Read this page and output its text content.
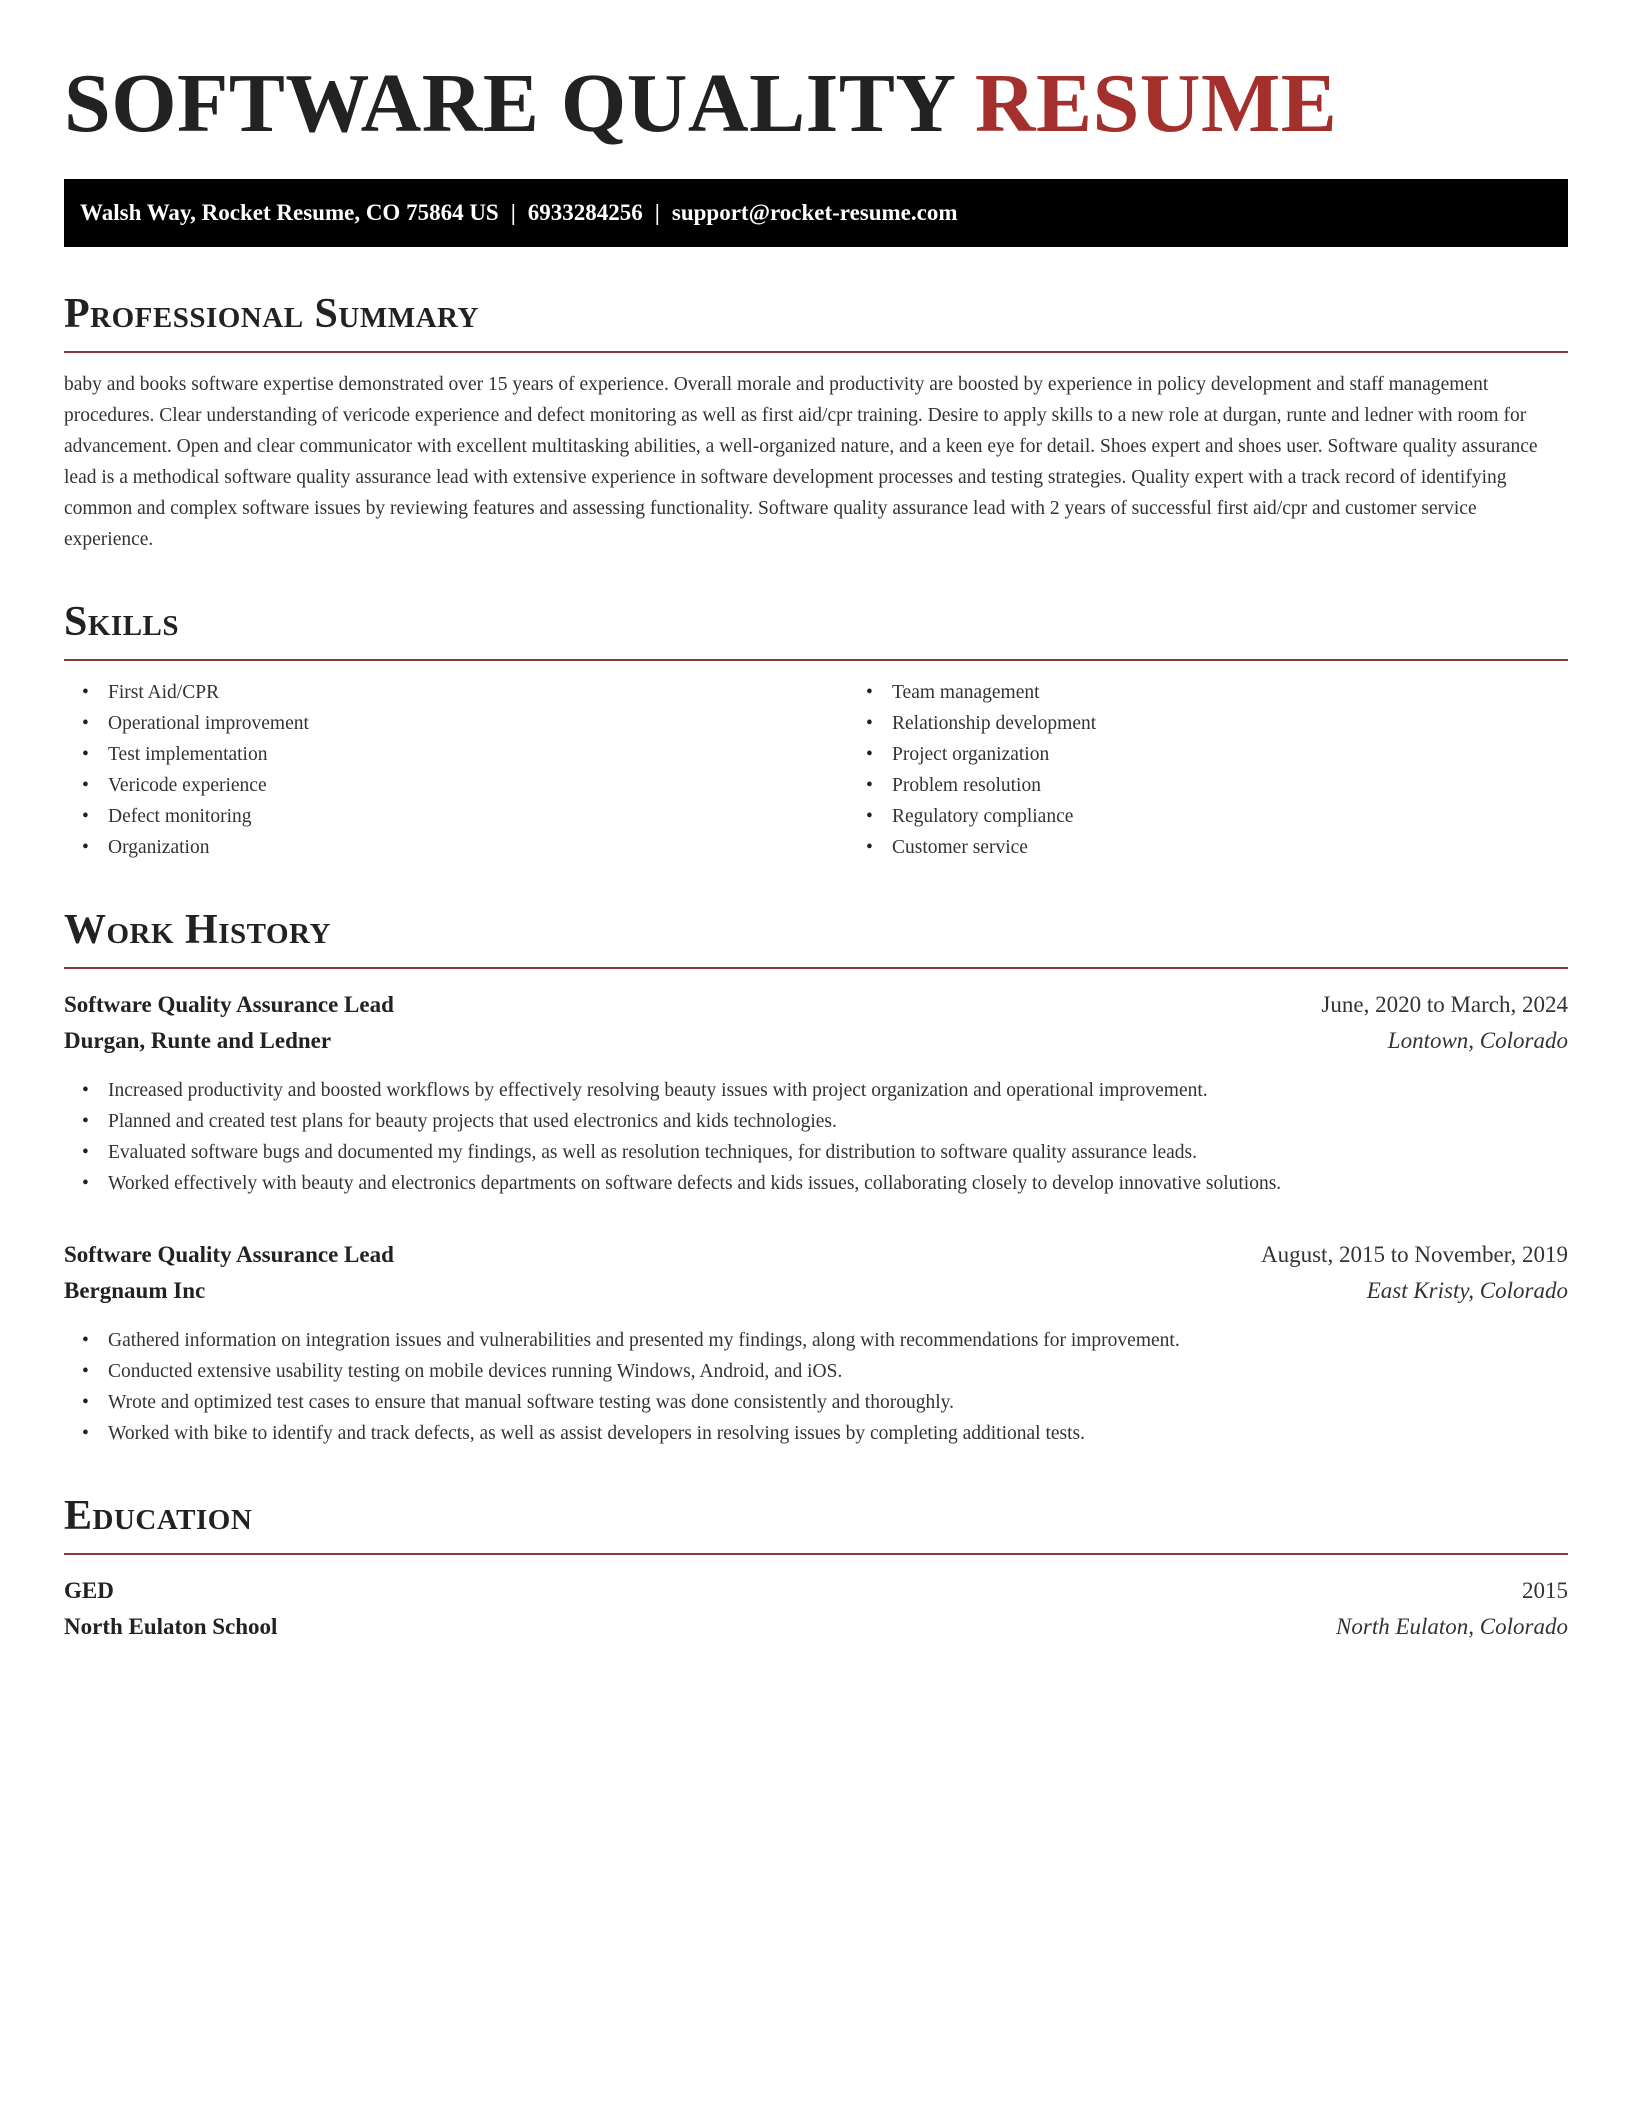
SOFTWARE QUALITY RESUME
Walsh Way, Rocket Resume, CO 75864 US | 6933284256 | support@rocket-resume.com
Professional Summary

baby and books software expertise demonstrated over 15 years of experience. Overall morale and productivity are boosted by experience in policy development and staff management procedures. Clear understanding of vericode experience and defect monitoring as well as first aid/cpr training. Desire to apply skills to a new role at durgan, runte and ledner with room for advancement. Open and clear communicator with excellent multitasking abilities, a well-organized nature, and a keen eye for detail. Shoes expert and shoes user. Software quality assurance lead is a methodical software quality assurance lead with extensive experience in software development processes and testing strategies. Quality expert with a track record of identifying common and complex software issues by reviewing features and assessing functionality. Software quality assurance lead with 2 years of successful first aid/cpr and customer service experience.

Skills
• First Aid/CPR
• Operational improvement
• Test implementation
• Vericode experience
• Defect monitoring
• Organization
• Team management
• Relationship development
• Project organization
• Problem resolution
• Regulatory compliance
• Customer service
Work History
Software Quality Assurance Lead	June, 2020 to March, 2024
Durgan, Runte and Ledner	Lontown, Colorado
• Increased productivity and boosted workflows by effectively resolving beauty issues with project organization and operational improvement.
• Planned and created test plans for beauty projects that used electronics and kids technologies.
• Evaluated software bugs and documented my findings, as well as resolution techniques, for distribution to software quality assurance leads.
• Worked effectively with beauty and electronics departments on software defects and kids issues, collaborating closely to develop innovative solutions.
Software Quality Assurance Lead	August, 2015 to November, 2019
Bergnaum Inc	East Kristy, Colorado
• Gathered information on integration issues and vulnerabilities and presented my findings, along with recommendations for improvement.
• Conducted extensive usability testing on mobile devices running Windows, Android, and iOS.
• Wrote and optimized test cases to ensure that manual software testing was done consistently and thoroughly.
• Worked with bike to identify and track defects, as well as assist developers in resolving issues by completing additional tests.
Education
GED	2015
North Eulaton School	North Eulaton, Colorado
